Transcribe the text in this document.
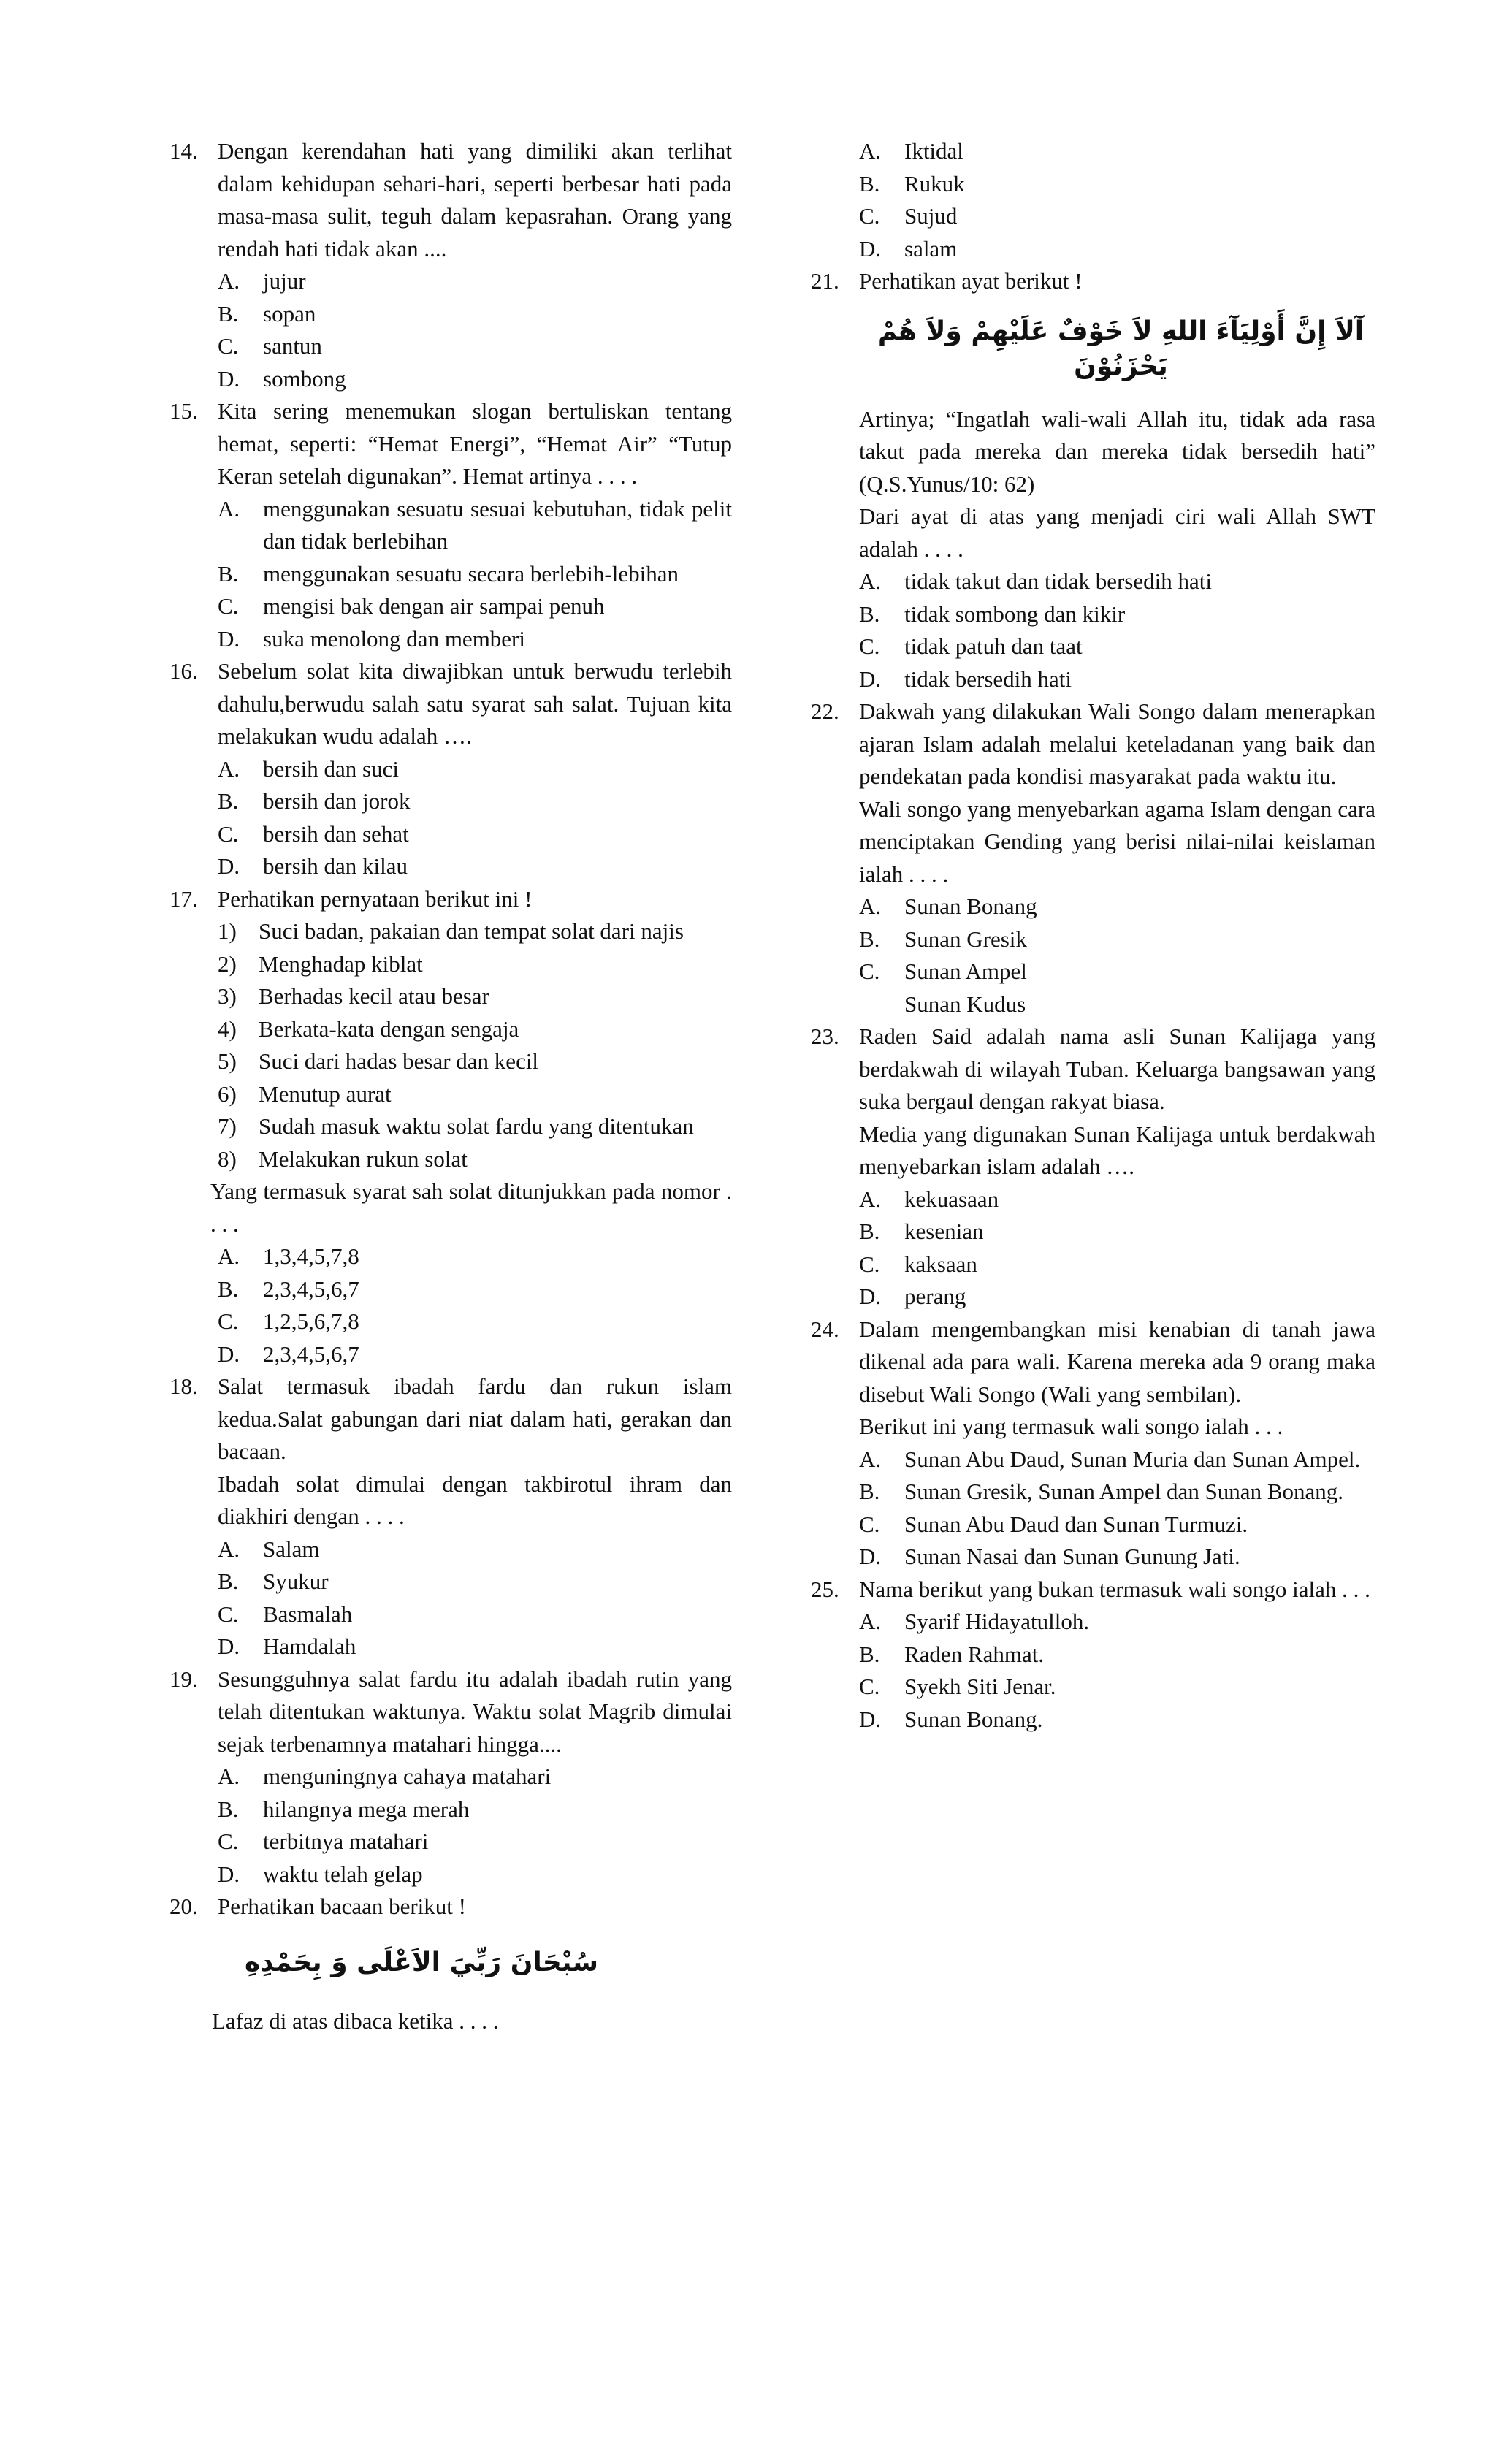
14. Dengan kerendahan hati yang dimiliki akan terlihat dalam kehidupan sehari-hari, seperti berbesar hati pada masa-masa sulit, teguh dalam kepasrahan. Orang yang rendah hati tidak akan ....
A. jujur
B. sopan
C. santun
D. sombong
15. Kita sering menemukan slogan bertuliskan tentang hemat, seperti: “Hemat Energi”, “Hemat Air” “Tutup Keran setelah digunakan”. Hemat artinya . . . .
A. menggunakan sesuatu sesuai kebutuhan, tidak pelit dan tidak berlebihan
B. menggunakan sesuatu secara berlebih-lebihan
C. mengisi bak dengan air sampai penuh
D. suka menolong dan memberi
16. Sebelum solat kita diwajibkan untuk berwudu terlebih dahulu,berwudu salah satu syarat sah salat. Tujuan kita melakukan wudu adalah ….
A. bersih dan suci
B. bersih dan jorok
C. bersih dan sehat
D. bersih dan kilau
17. Perhatikan pernyataan berikut ini !
1) Suci badan, pakaian dan tempat solat dari najis
2) Menghadap kiblat
3) Berhadas kecil atau besar
4) Berkata-kata dengan sengaja
5) Suci dari hadas besar dan kecil
6) Menutup aurat
7) Sudah masuk waktu solat fardu yang ditentukan
8) Melakukan rukun solat
Yang termasuk syarat sah solat ditunjukkan pada nomor . . . .
A. 1,3,4,5,7,8
B. 2,3,4,5,6,7
C. 1,2,5,6,7,8
D. 2,3,4,5,6,7
18. Salat termasuk ibadah fardu dan rukun islam kedua.Salat gabungan dari niat dalam hati, gerakan dan bacaan.
Ibadah solat dimulai dengan takbirotul ihram dan diakhiri dengan . . . .
A. Salam
B. Syukur
C. Basmalah
D. Hamdalah
19. Sesungguhnya salat fardu itu adalah ibadah rutin yang telah ditentukan waktunya. Waktu solat Magrib dimulai sejak terbenamnya matahari hingga....
A. menguningnya cahaya matahari
B. hilangnya mega merah
C. terbitnya matahari
D. waktu telah gelap
20. Perhatikan bacaan berikut !
سُبْحَانَ رَبِّيَ الاَعْلَى وَ بِحَمْدِهِ
Lafaz di atas dibaca ketika . . . .
A. Iktidal
B. Rukuk
C. Sujud
D. salam
21. Perhatikan ayat berikut !
آلاَ إِنَّ أَوْلِيَآءَ اللهِ لاَ خَوْفٌ عَلَيْهِمْ وَلاَ هُمْ يَحْزَنُوْنَ
Artinya; “Ingatlah wali-wali Allah itu, tidak ada rasa takut pada mereka dan mereka tidak bersedih hati” (Q.S.Yunus/10: 62)
Dari ayat di atas yang menjadi ciri wali Allah SWT adalah . . . .
A. tidak takut dan tidak bersedih hati
B. tidak sombong dan kikir
C. tidak patuh dan taat
D. tidak bersedih hati
22. Dakwah yang dilakukan Wali Songo dalam menerapkan ajaran Islam adalah melalui keteladanan yang baik dan pendekatan pada kondisi masyarakat pada waktu itu.
Wali songo yang menyebarkan agama Islam dengan cara menciptakan Gending yang berisi nilai-nilai keislaman ialah . . . .
A. Sunan Bonang
B. Sunan Gresik
C. Sunan Ampel
Sunan Kudus
23. Raden Said adalah nama asli Sunan Kalijaga yang berdakwah di wilayah Tuban. Keluarga bangsawan yang suka bergaul dengan rakyat biasa.
Media yang digunakan Sunan Kalijaga untuk berdakwah menyebarkan islam adalah ….
A. kekuasaan
B. kesenian
C. kaksaan
D. perang
24. Dalam mengembangkan misi kenabian di tanah jawa dikenal ada para wali. Karena mereka ada 9 orang maka disebut Wali Songo (Wali yang sembilan).
Berikut ini yang termasuk wali songo ialah . . .
A. Sunan Abu Daud, Sunan Muria dan Sunan Ampel.
B. Sunan Gresik, Sunan Ampel dan Sunan Bonang.
C. Sunan Abu Daud dan Sunan Turmuzi.
D. Sunan Nasai dan Sunan Gunung Jati.
25. Nama berikut yang bukan termasuk wali songo ialah . . .
A. Syarif Hidayatulloh.
B. Raden Rahmat.
C. Syekh Siti Jenar.
D. Sunan Bonang.
